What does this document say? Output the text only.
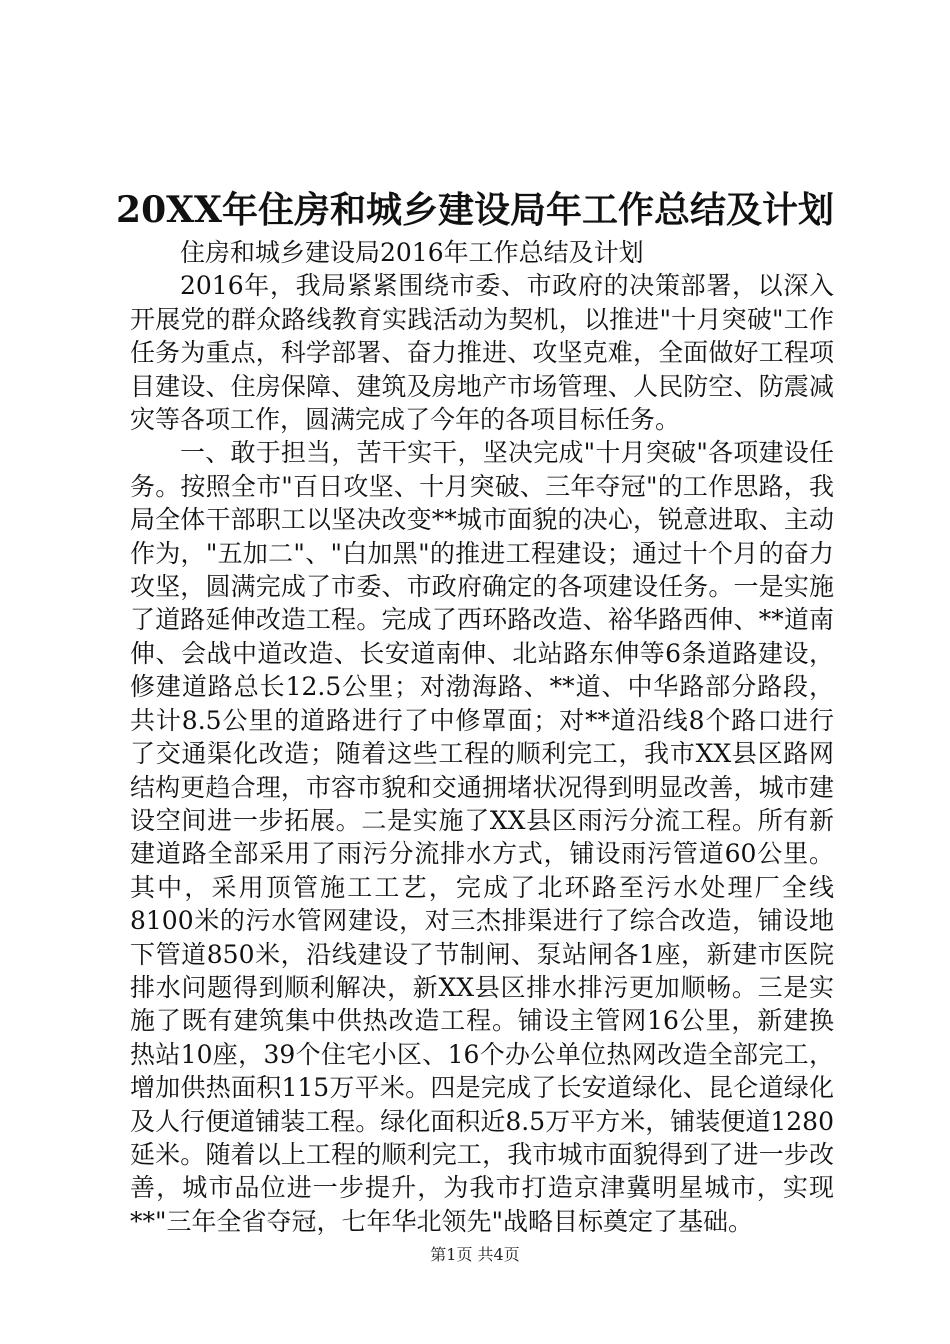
20XX年住房和城乡建设局年工作总结及计划

住房和城乡建设局2016年工作总结及计划

2016年，我局紧紧围绕市委、市政府的决策部署，以深入开展党的群众路线教育实践活动为契机，以推进"十月突破"工作任务为重点，科学部署、奋力推进、攻坚克难，全面做好工程项目建设、住房保障、建筑及房地产市场管理、人民防空、防震减灾等各项工作，圆满完成了今年的各项目标任务。

一、敢于担当，苦干实干，坚决完成"十月突破"各项建设任务。按照全市"百日攻坚、十月突破、三年夺冠"的工作思路，我局全体干部职工以坚决改变**城市面貌的决心，锐意进取、主动作为，"五加二"、"白加黑"的推进工程建设；通过十个月的奋力攻坚，圆满完成了市委、市政府确定的各项建设任务。一是实施了道路延伸改造工程。完成了西环路改造、裕华路西伸、**道南伸、会战中道改造、长安道南伸、北站路东伸等6条道路建设，修建道路总长12.5公里；对渤海路、**道、中华路部分路段，共计8.5公里的道路进行了中修罩面；对**道沿线8个路口进行了交通渠化改造；随着这些工程的顺利完工，我市XX县区路网结构更趋合理，市容市貌和交通拥堵状况得到明显改善，城市建设空间进一步拓展。二是实施了XX县区雨污分流工程。所有新建道路全部采用了雨污分流排水方式，铺设雨污管道60公里。其中，采用顶管施工工艺，完成了北环路至污水处理厂全线8100米的污水管网建设，对三杰排渠进行了综合改造，铺设地下管道850米，沿线建设了节制闸、泵站闸各1座，新建市医院排水问题得到顺利解决，新XX县区排水排污更加顺畅。三是实施了既有建筑集中供热改造工程。铺设主管网16公里，新建换热站10座，39个住宅小区、16个办公单位热网改造全部完工，增加供热面积115万平米。四是完成了长安道绿化、昆仑道绿化及人行便道铺装工程。绿化面积近8.5万平方米，铺装便道1280延米。随着以上工程的顺利完工，我市城市面貌得到了进一步改善，城市品位进一步提升，为我市打造京津冀明星城市，实现**"三年全省夺冠，七年华北领先"战略目标奠定了基础。

第1页 共4页
